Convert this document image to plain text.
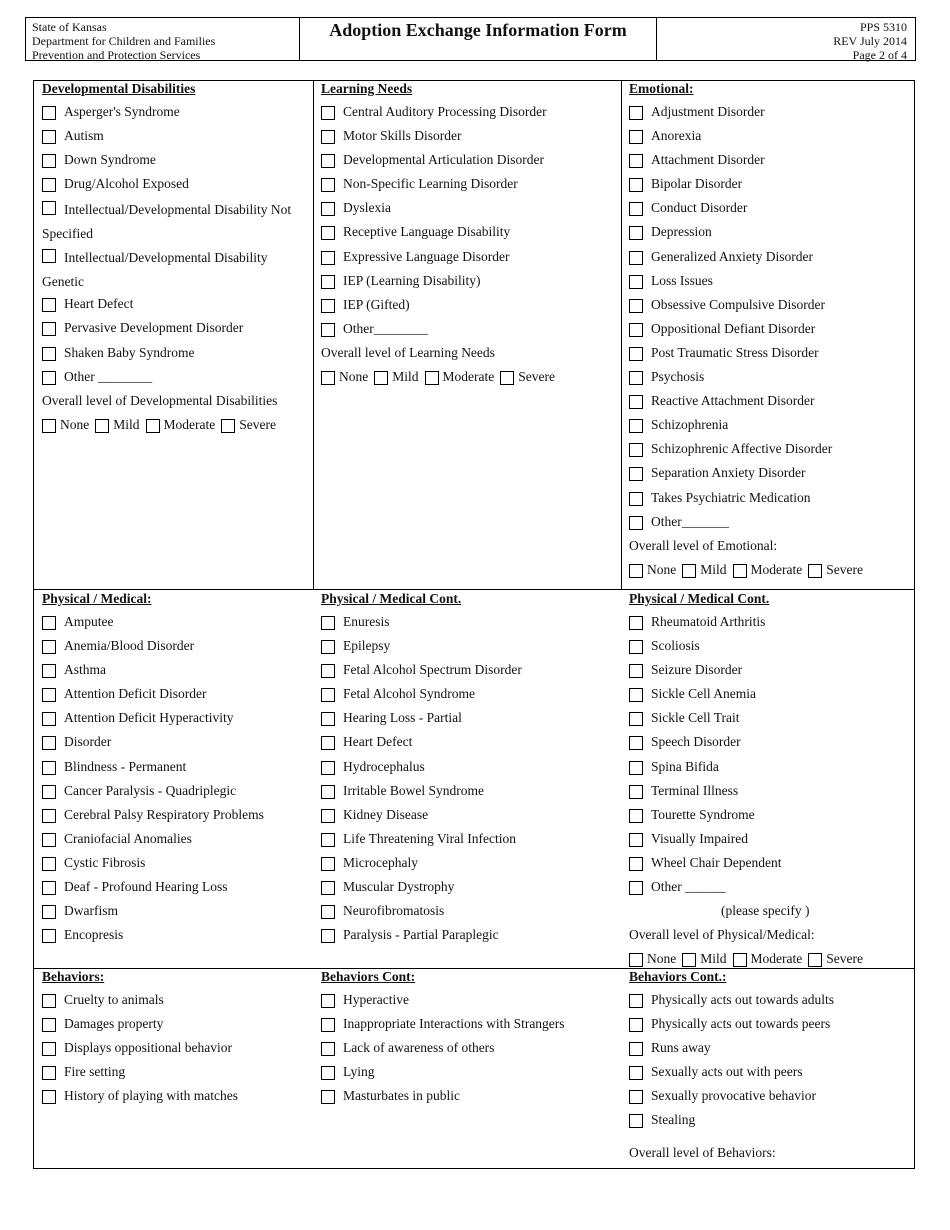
State of Kansas
Department for Children and Families
Prevention and Protection Services
Adoption Exchange Information Form	PPS 5310
REV July 2014
Page 2 of 4
Developmental Disabilities
Asperger's Syndrome
Autism
Down Syndrome
Drug/Alcohol Exposed
Intellectual/Developmental Disability Not Specified
Intellectual/Developmental Disability Genetic
Heart Defect
Pervasive Development Disorder
Shaken Baby Syndrome
Other ________
Overall level of Developmental Disabilities
None Mild Moderate Severe
Learning Needs
Central Auditory Processing Disorder
Motor Skills Disorder
Developmental Articulation Disorder
Non-Specific Learning Disorder
Dyslexia
Receptive Language Disability
Expressive Language Disorder
IEP (Learning Disability)
IEP (Gifted)
Other________
Overall level of Learning Needs
None Mild Moderate Severe
Emotional:
Adjustment Disorder
Anorexia
Attachment Disorder
Bipolar Disorder
Conduct Disorder
Depression
Generalized Anxiety Disorder
Loss Issues
Obsessive Compulsive Disorder
Oppositional Defiant Disorder
Post Traumatic Stress Disorder
Psychosis
Reactive Attachment Disorder
Schizophrenia
Schizophrenic Affective Disorder
Separation Anxiety Disorder
Takes Psychiatric Medication
Other_______
Overall level of Emotional:
None Mild Moderate Severe
Physical / Medical:
Amputee
Anemia/Blood Disorder
Asthma
Attention Deficit Disorder
Attention Deficit Hyperactivity
Disorder
Blindness - Permanent
Cancer Paralysis - Quadriplegic
Cerebral Palsy Respiratory Problems
Craniofacial Anomalies
Cystic Fibrosis
Deaf - Profound Hearing Loss
Dwarfism
Encopresis
Physical / Medical Cont.
Enuresis
Epilepsy
Fetal Alcohol Spectrum Disorder
Fetal Alcohol Syndrome
Hearing Loss - Partial
Heart Defect
Hydrocephalus
Irritable Bowel Syndrome
Kidney Disease
Life Threatening Viral Infection
Microcephaly
Muscular Dystrophy
Neurofibromatosis
Paralysis - Partial Paraplegic
Physical / Medical Cont.
Rheumatoid Arthritis
Scoliosis
Seizure Disorder
Sickle Cell Anemia
Sickle Cell Trait
Speech Disorder
Spina Bifida
Terminal Illness
Tourette Syndrome
Visually Impaired
Wheel Chair Dependent
Other ______
(please specify )
Overall level of Physical/Medical:
None Mild Moderate Severe
Behaviors:
Cruelty to animals
Damages property
Displays oppositional behavior
Fire setting
History of playing with matches
Behaviors Cont:
Hyperactive
Inappropriate Interactions with Strangers
Lack of awareness of others
Lying
Masturbates in public
Behaviors Cont.:
Physically acts out towards adults
Physically acts out towards peers
Runs away
Sexually acts out with peers
Sexually provocative behavior
Stealing
Overall level of Behaviors:
